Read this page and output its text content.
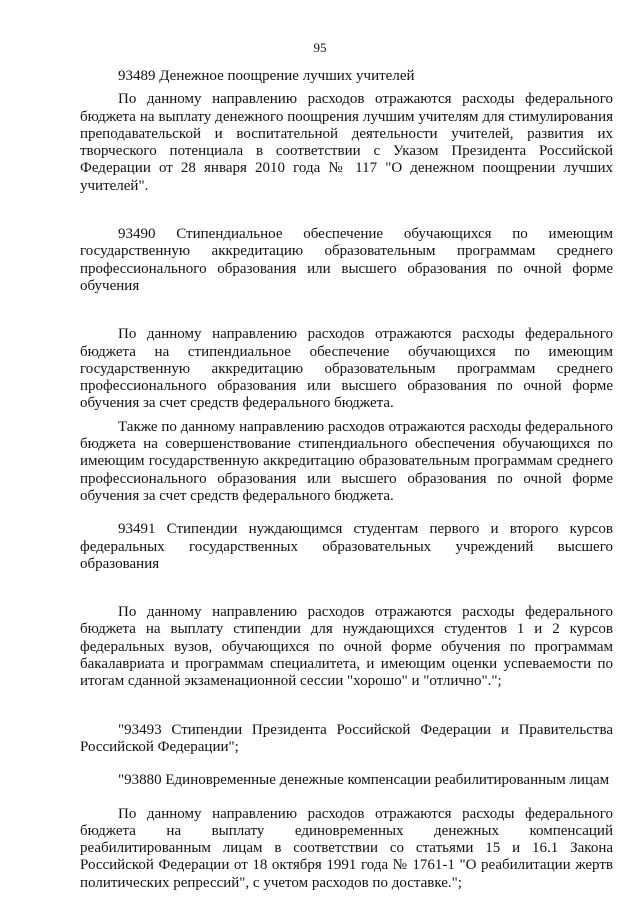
95

93489 Денежное поощрение лучших учителей

По данному направлению расходов отражаются расходы федерального бюджета на выплату денежного поощрения лучшим учителям для стимулирования преподавательской и воспитательной деятельности учителей, развития их творческого потенциала в соответствии с Указом Президента Российской Федерации от 28 января 2010 года № 117 "О денежном поощрении лучших учителей".

93490 Стипендиальное обеспечение обучающихся по имеющим государственную аккредитацию образовательным программам среднего профессионального образования или высшего образования по очной форме обучения

По данному направлению расходов отражаются расходы федерального бюджета на стипендиальное обеспечение обучающихся по имеющим государственную аккредитацию образовательным программам среднего профессионального образования или высшего образования по очной форме обучения за счет средств федерального бюджета.

Также по данному направлению расходов отражаются расходы федерального бюджета на совершенствование стипендиального обеспечения обучающихся по имеющим государственную аккредитацию образовательным программам среднего профессионального образования или высшего образования по очной форме обучения за счет средств федерального бюджета.

93491 Стипендии нуждающимся студентам первого и второго курсов федеральных государственных образовательных учреждений высшего образования

По данному направлению расходов отражаются расходы федерального бюджета на выплату стипендии для нуждающихся студентов 1 и 2 курсов федеральных вузов, обучающихся по очной форме обучения по программам бакалавриата и программам специалитета, и имеющим оценки успеваемости по итогам сданной экзаменационной сессии "хорошо" и "отлично".";

"93493 Стипендии Президента Российской Федерации и Правительства Российской Федерации";

"93880 Единовременные денежные компенсации реабилитированным лицам

По данному направлению расходов отражаются расходы федерального бюджета на выплату единовременных денежных компенсаций реабилитированным лицам в соответствии со статьями 15 и 16.1 Закона Российской Федерации от 18 октября 1991 года № 1761-1 "О реабилитации жертв политических репрессий", с учетом расходов по доставке.";
